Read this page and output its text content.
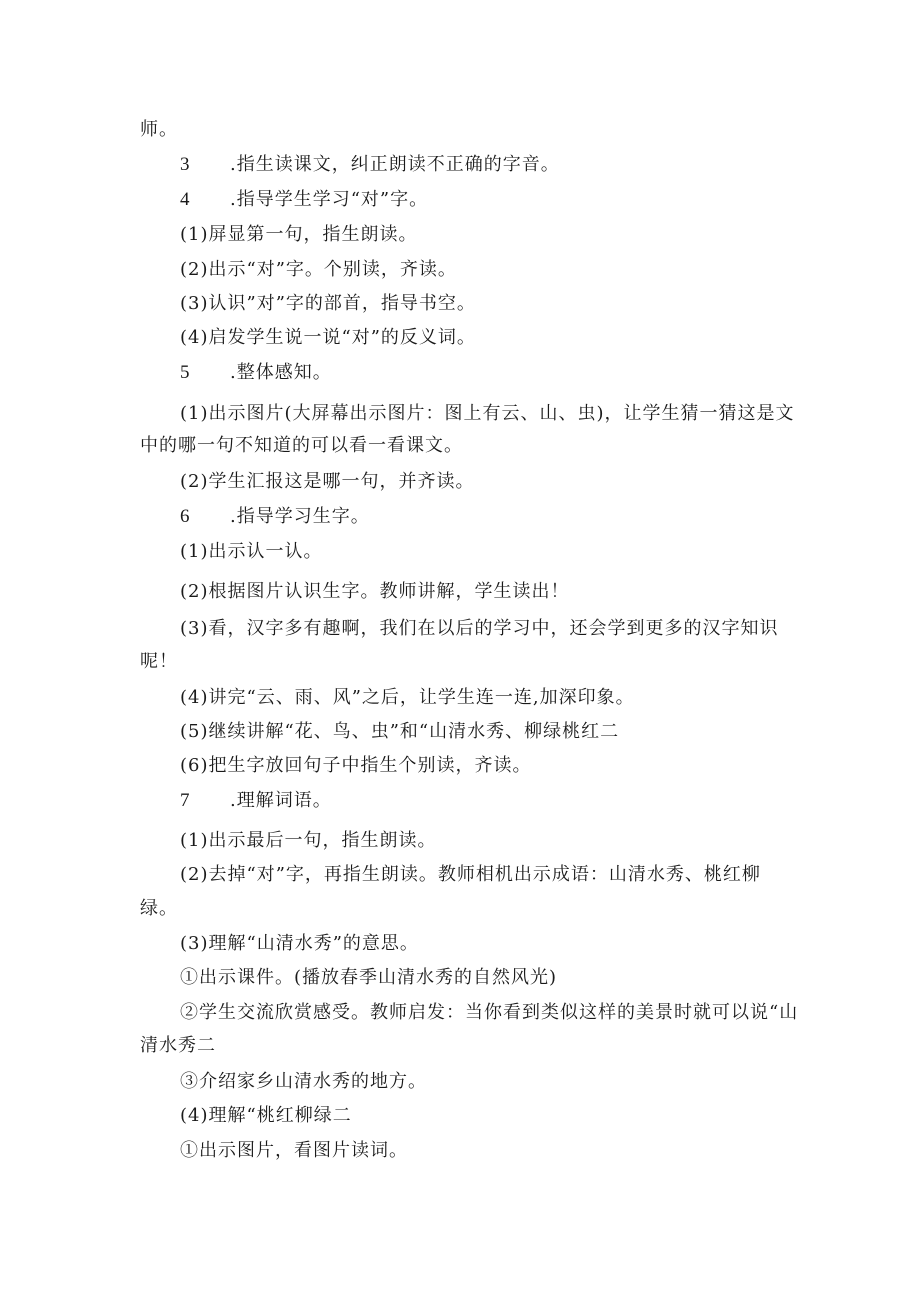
师。
3 .指生读课文，纠正朗读不正确的字音。
4 .指导学生学习“对”字。
(1)屏显第一句，指生朗读。
(2)出示“对”字。个别读，齐读。
(3)认识”对”字的部首，指导书空。
(4)启发学生说一说“对”的反义词。
5 .整体感知。
(1)出示图片(大屏幕出示图片：图上有云、山、虫)，让学生猜一猜这是文
中的哪一句不知道的可以看一看课文。
(2)学生汇报这是哪一句，并齐读。
6 .指导学习生字。
(1)出示认一认。
(2)根据图片认识生字。教师讲解，学生读出！
(3)看，汉字多有趣啊，我们在以后的学习中，还会学到更多的汉字知识
呢！
(4)讲完“云、雨、风”之后，让学生连一连,加深印象。
(5)继续讲解“花、鸟、虫”和“山清水秀、柳绿桃红二
(6)把生字放回句子中指生个别读，齐读。
7 .理解词语。
(1)出示最后一句，指生朗读。
(2)去掉“对”字，再指生朗读。教师相机出示成语：山清水秀、桃红柳
绿。
(3)理解“山清水秀”的意思。
①出示课件。(播放春季山清水秀的自然风光)
②学生交流欣赏感受。教师启发：当你看到类似这样的美景时就可以说“山
清水秀二
③介绍家乡山清水秀的地方。
(4)理解“桃红柳绿二
①出示图片，看图片读词。
